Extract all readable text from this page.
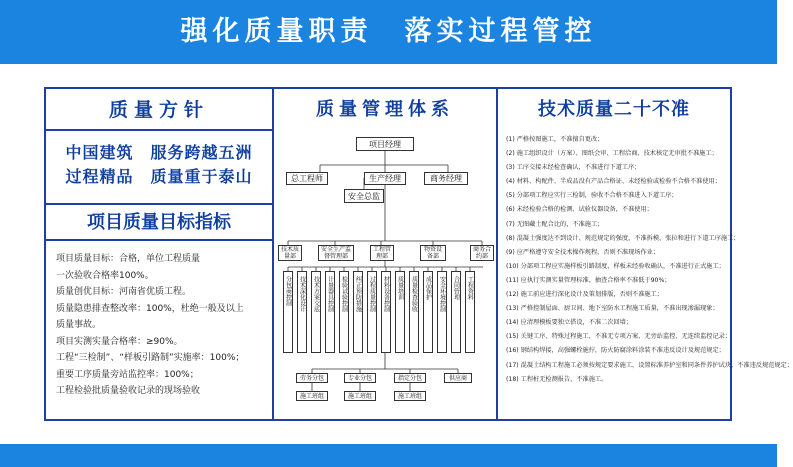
强化质量职责　落实过程管控
质量方针
中国建筑　服务跨越五洲
过程精品　质量重于泰山
项目质量目标指标
项目质量目标：合格，单位工程质量
一次验收合格率100%。
质量创优目标：河南省优质工程。
质量隐患排查整改率：100%，杜绝一般及以上
质量事故。
项目实测实量合格率：≥90%。
工程“三检制”、“样板引路制”实施率：100%；
重要工序质量旁站监控率：100%；
工程检验批质量验收记录的现场验收
质量管理体系
项目经理
总工程师	生产经理	商务经理
安全总监
技术质量部
安全生产监督管理部
工程管理部
物资设备部
商务合约部
分包商控制 技术深化设计 技术方案交底 计量器具控制 检验试验控制 纠正预防措施 过程质量控制 材料设备控制 质量培训 质量检查验收 成品保护 安全环境控制 合同管理 工程资料
劳务分包	专业分包	指定分包	供应商
施工班组	施工班组	施工班组
技术质量二十不准
(1) 严格按图施工，不准擅自更改；
(2) 施工组织设计（方案）、图纸会审、工程洽商、技术核定无审批不准施工；
(3) 工序交接未经检查确认，不准进行下道工序；
(4) 材料、构配件、半成品没有产品合格证、未经检验或检验不合格不准使用；
(5) 分部项工程应实行三检制，验收不合格不准进入下道工序；
(6) 未经检验合格的检测、试验仪器设备，不准使用；
(7) 无图藏土配合比的，不准施工；
(8) 混凝土强度达不到设计、规范规定的强度，不准拆模、张拉和进行下道工序施工；
(9) 应严格遵守安全技术操作规程，否则不准现场作业；
(10) 分部项工程应实施样板引路制度，样板未经验收确认，不准进行正式施工；
(11) 应执行实测实量管理标准，抽查合格率不准低于90%；
(12) 施工前应进行深化设计及策划排版，否则不准施工；
(13) 严格控制屋面、厨卫间、地下室防水工程施工质量，不准出现渗漏现象；
(14) 应清理模板要独立搭设，不准二次回墙；
(15) 关键工序、特殊过程施工，不准无专项方案、无旁站监控、无连续监控记录；
(16) 钢结构焊接，高强螺栓施拧，防火防腐涂料涂装不准违反设计及规范规定；
(17) 混凝土结构工程施工必须按规定要求施工，设置标准养护室和同条件养护试块，不准违反规范规定；
(18) 工程桩无检测报告，不准施工。
